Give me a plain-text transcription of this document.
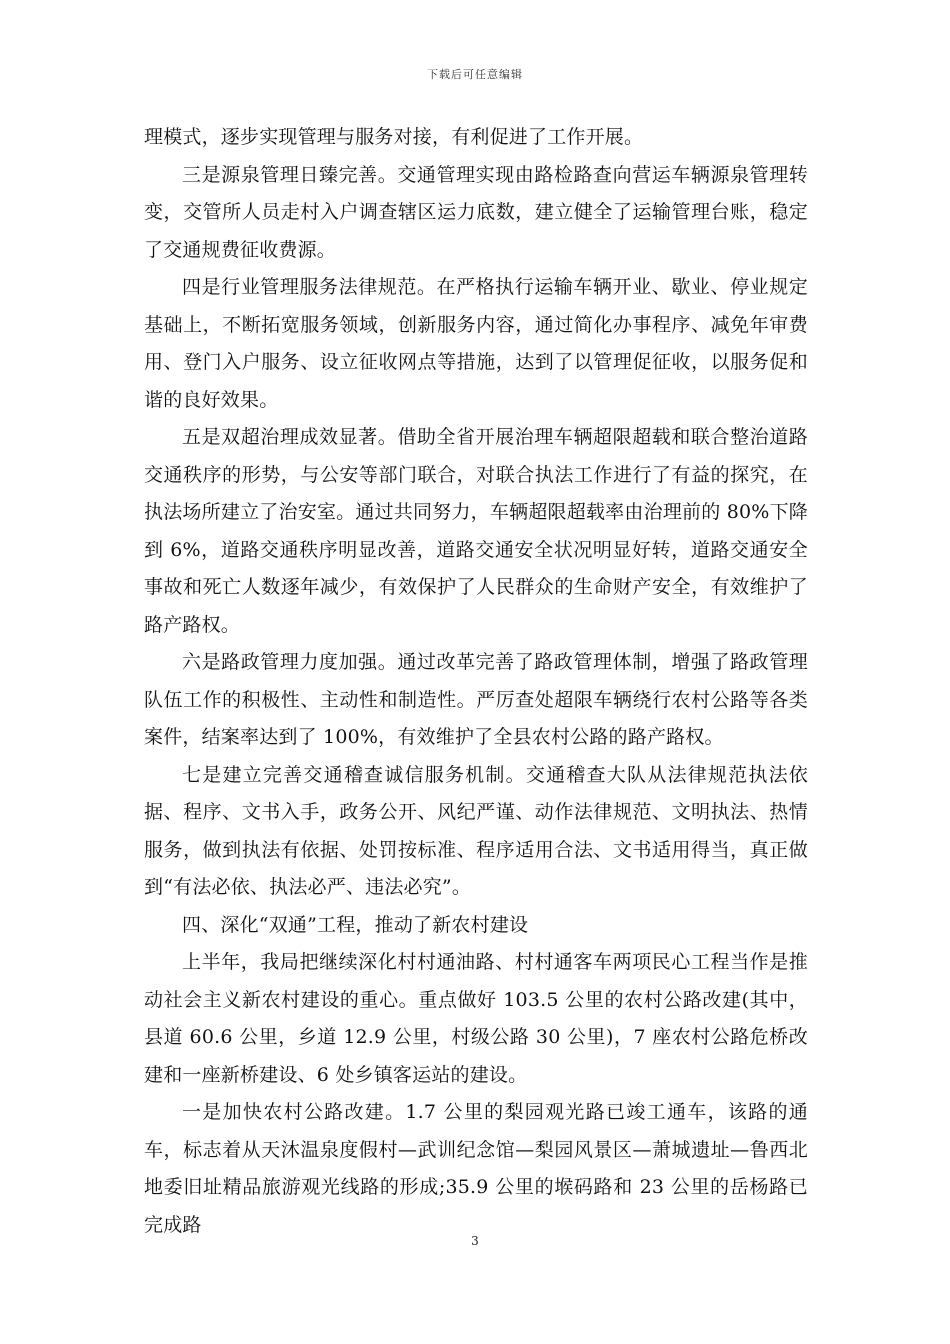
下载后可任意编辑

理模式，逐步实现管理与服务对接，有利促进了工作开展。

三是源泉管理日臻完善。交通管理实现由路检路查向营运车辆源泉管理转变，交管所人员走村入户调查辖区运力底数，建立健全了运输管理台账，稳定了交通规费征收费源。

四是行业管理服务法律规范。在严格执行运输车辆开业、歇业、停业规定基础上，不断拓宽服务领域，创新服务内容，通过简化办事程序、减免年审费用、登门入户服务、设立征收网点等措施，达到了以管理促征收，以服务促和谐的良好效果。

五是双超治理成效显著。借助全省开展治理车辆超限超载和联合整治道路交通秩序的形势，与公安等部门联合，对联合执法工作进行了有益的探究，在执法场所建立了治安室。通过共同努力，车辆超限超载率由治理前的 80%下降到 6%，道路交通秩序明显改善，道路交通安全状况明显好转，道路交通安全事故和死亡人数逐年减少，有效保护了人民群众的生命财产安全，有效维护了路产路权。

六是路政管理力度加强。通过改革完善了路政管理体制，增强了路政管理队伍工作的积极性、主动性和制造性。严厉查处超限车辆绕行农村公路等各类案件，结案率达到了 100%，有效维护了全县农村公路的路产路权。

七是建立完善交通稽查诚信服务机制。交通稽查大队从法律规范执法依据、程序、文书入手，政务公开、风纪严谨、动作法律规范、文明执法、热情服务，做到执法有依据、处罚按标准、程序适用合法、文书适用得当，真正做到“有法必依、执法必严、违法必究”。

四、深化“双通”工程，推动了新农村建设

上半年，我局把继续深化村村通油路、村村通客车两项民心工程当作是推动社会主义新农村建设的重心。重点做好 103.5 公里的农村公路改建(其中，县道 60.6 公里，乡道 12.9 公里，村级公路 30 公里)，7 座农村公路危桥改建和一座新桥建设、6 处乡镇客运站的建设。

一是加快农村公路改建。1.7 公里的梨园观光路已竣工通车，该路的通车，标志着从天沐温泉度假村—武训纪念馆—梨园风景区—萧城遗址—鲁西北地委旧址精品旅游观光线路的形成;35.9 公里的堠码路和 23 公里的岳杨路已完成路

3
